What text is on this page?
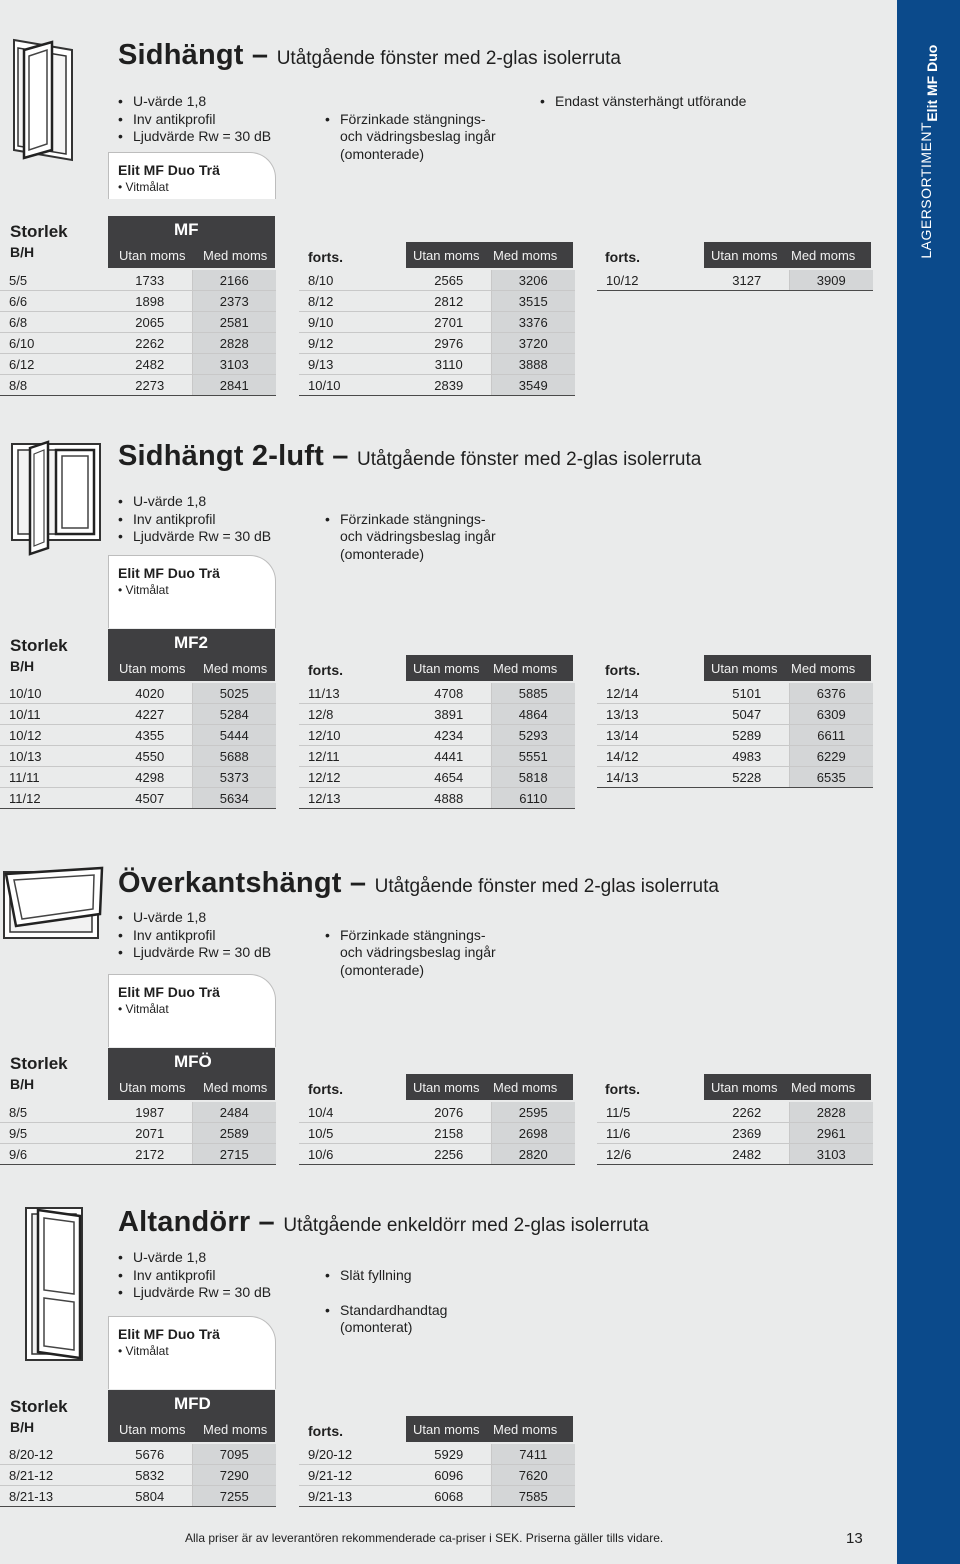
LAGERSORTIMENT
Elit MF Duo
Sidhängt – Utåtgående fönster med 2-glas isolerruta
• U-värde 1,8
• Inv antikprofil
• Ljudvärde Rw = 30 dB

• Förzinkade stängnings-
och vädringsbeslag ingår
(omonterade)

• Endast vänsterhängt utförande
Elit MF Duo Trä
• Vitmålat
Storlek
B/H
MF
Utan moms Med moms	forts.	Utan moms Med moms	forts.	Utan moms Med moms
5/5	1733	2166
6/6	1898	2373
6/8	2065	2581
6/10	2262	2828
6/12	2482	3103
8/8	2273	2841
8/10	2565	3206
8/12	2812	3515
9/10	2701	3376
9/12	2976	3720
9/13	3110	3888
10/10	2839	3549
10/12	3127	3909
Sidhängt 2-luft – Utåtgående fönster med 2-glas isolerruta
• U-värde 1,8
• Inv antikprofil
• Ljudvärde Rw = 30 dB

• Förzinkade stängnings-
och vädringsbeslag ingår
(omonterade)

Elit MF Duo Trä
• Vitmålat
Storlek
B/H
MF2
Utan moms Med moms	forts.	Utan moms Med moms	forts.	Utan moms Med moms
10/10	4020	5025
10/11	4227	5284
10/12	4355	5444
10/13	4550	5688
11/11	4298	5373
11/12	4507	5634
11/13	4708	5885
12/8	3891	4864
12/10	4234	5293
12/11	4441	5551
12/12	4654	5818
12/13	4888	6110
12/14	5101	6376
13/13	5047	6309
13/14	5289	6611
14/12	4983	6229
14/13	5228	6535
Överkantshängt – Utåtgående fönster med 2-glas isolerruta
• U-värde 1,8
• Inv antikprofil
• Ljudvärde Rw = 30 dB

• Förzinkade stängnings-
och vädringsbeslag ingår
(omonterade)

Elit MF Duo Trä
• Vitmålat
Storlek
B/H
MFÖ
Utan moms Med moms	forts.	Utan moms Med moms	forts.	Utan moms Med moms
8/5	1987	2484
9/5	2071	2589
9/6	2172	2715
10/4	2076	2595
10/5	2158	2698
10/6	2256	2820
11/5	2262	2828
11/6	2369	2961
12/6	2482	3103
Altandörr – Utåtgående enkeldörr med 2-glas isolerruta
• U-värde 1,8
• Inv antikprofil
• Ljudvärde Rw = 30 dB

• Slät fyllning

• Standardhandtag
(omonterat)

Elit MF Duo Trä
• Vitmålat
Storlek
B/H
MFD
Utan moms Med moms	forts.	Utan moms Med moms
8/20-12	5676	7095
8/21-12	5832	7290
8/21-13	5804	7255
9/20-12	5929	7411
9/21-12	6096	7620
9/21-13	6068	7585
Alla priser är av leverantören rekommenderade ca-priser i SEK. Priserna gäller tills vidare.	13
